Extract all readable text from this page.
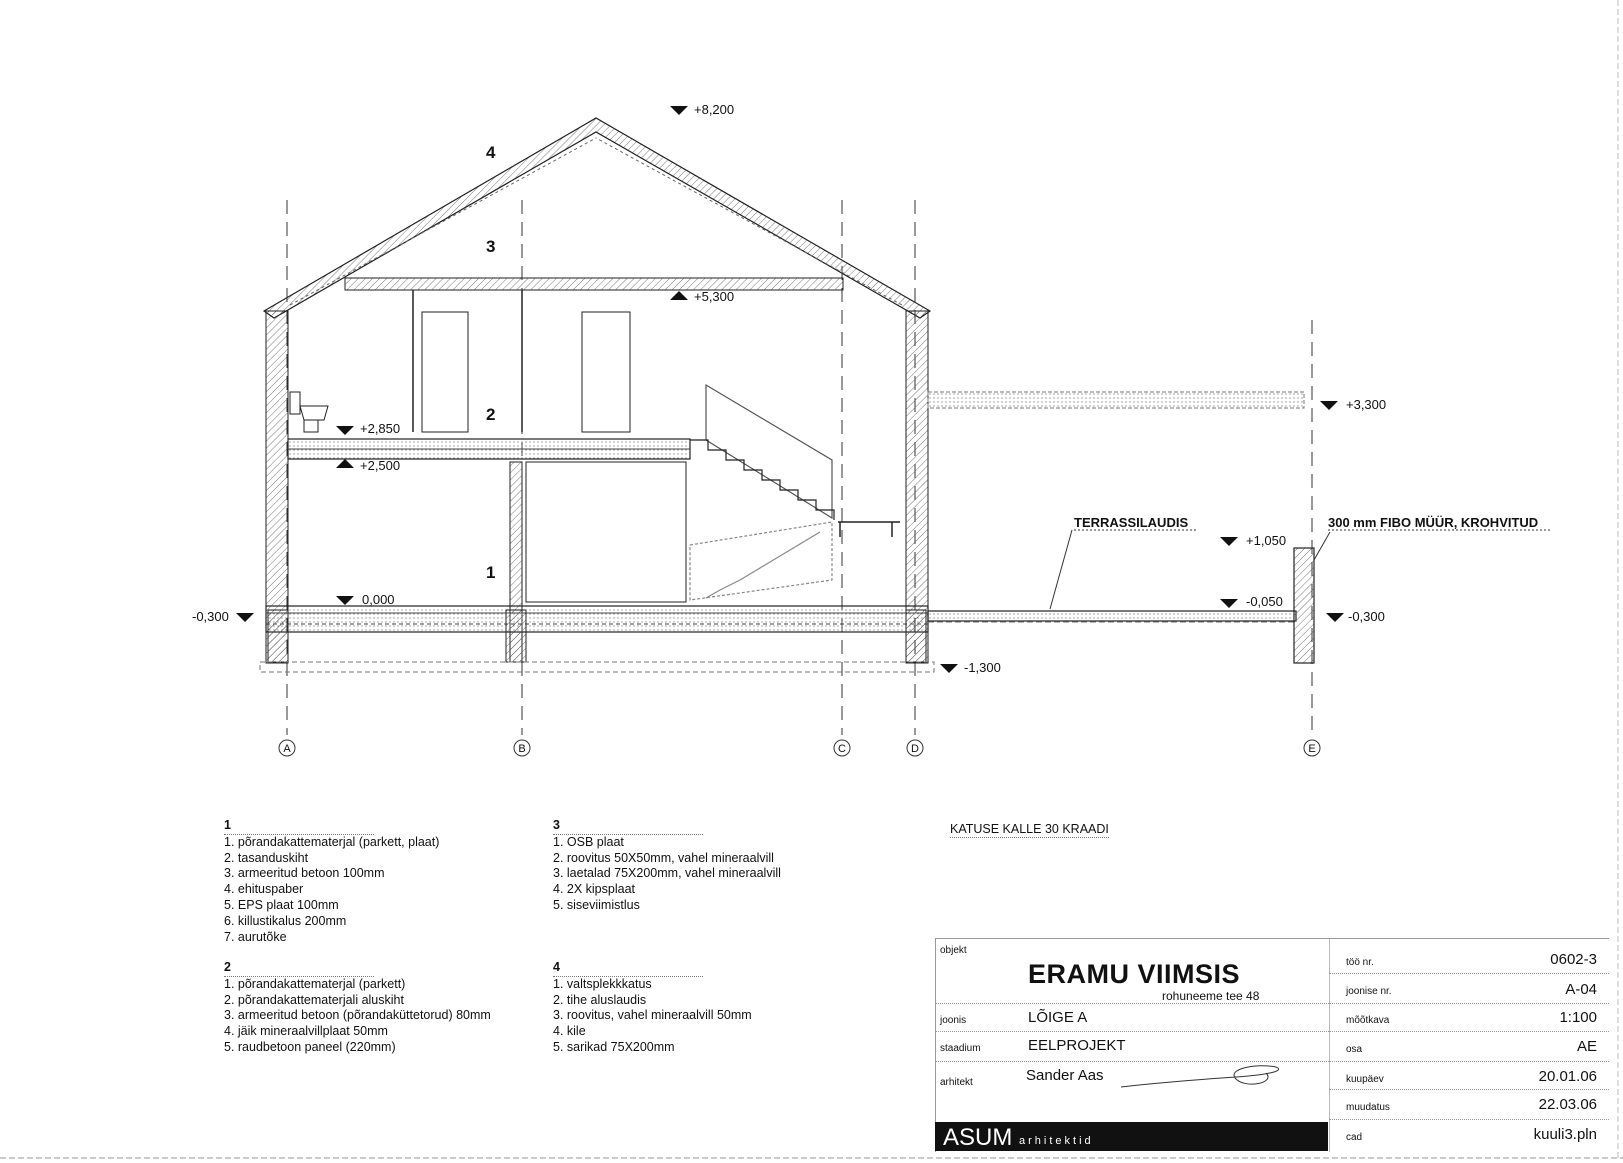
A	B	C	D	E
4
3
2
1
+8,200
+5,300
+2,850
+2,500
0,000
-0,300
-1,300
+3,300
+1,050
-0,050
-0,300
TERRASSILAUDIS	300 mm FIBO MÜÜR, KROHVITUD
1
1. põrandakattematerjal (parkett, plaat)
2. tasanduskiht
3. armeeritud betoon 100mm
4. ehituspaber
5. EPS plaat 100mm
6. killustikalus 200mm
7. aurutõke
2
1. põrandakattematerjal (parkett)
2. põrandakattematerjali aluskiht
3. armeeritud betoon (põrandaküttetorud) 80mm
4. jäik mineraalvillplaat 50mm
5. raudbetoon paneel (220mm)
3
1. OSB plaat
2. roovitus 50X50mm, vahel mineraalvill
3. laetalad 75X200mm, vahel mineraalvill
4. 2X kipsplaat
5. siseviimistlus
4
1. valtsplekkkatus
2. tihe aluslaudis
3. roovitus, vahel mineraalvill 50mm
4. kile
5. sarikad 75X200mm
KATUSE KALLE 30 KRAADI
objekt
ERAMU VIIMSIS
rohuneeme tee 48
joonis	LÕIGE A
staadium	EELPROJEKT
arhitekt	Sander Aas
töö nr.	0602-3
joonise nr.	A-04
mõõtkava	1:100
osa	AE
kuupäev	20.01.06
muudatus	22.03.06
cad	kuuli3.pln
ASUM arhitektid
